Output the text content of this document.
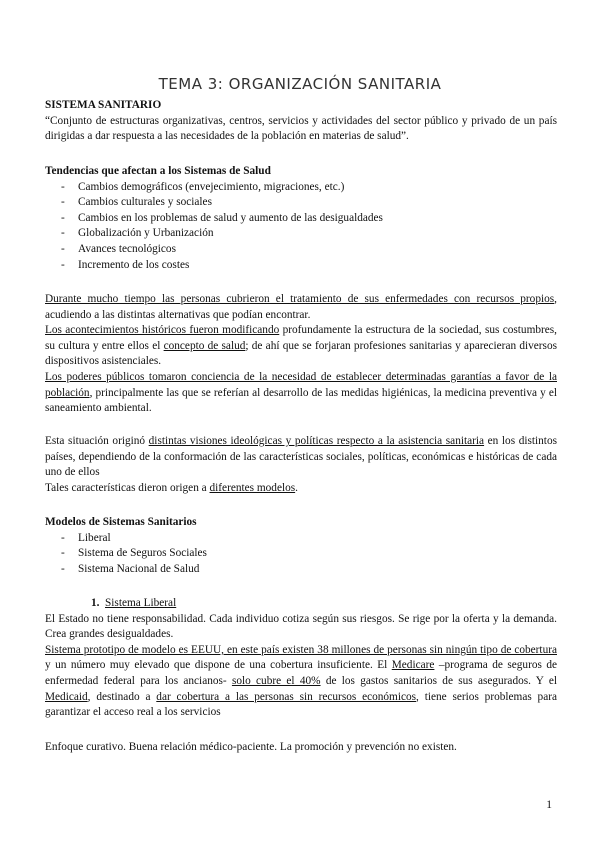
TEMA 3: ORGANIZACIÓN SANITARIA
SISTEMA SANITARIO

“Conjunto de estructuras organizativas, centros, servicios y actividades del sector público y privado de un país dirigidas a dar respuesta a las necesidades de la población en materias de salud”.

Tendencias que afectan a los Sistemas de Salud
- Cambios demográficos (envejecimiento, migraciones, etc.)
- Cambios culturales y sociales
- Cambios en los problemas de salud y aumento de las desigualdades
- Globalización y Urbanización
- Avances tecnológicos
- Incremento de los costes

Durante mucho tiempo las personas cubrieron el tratamiento de sus enfermedades con recursos propios, acudiendo a las distintas alternativas que podían encontrar.

Los acontecimientos históricos fueron modificando profundamente la estructura de la sociedad, sus costumbres, su cultura y entre ellos el concepto de salud; de ahí que se forjaran profesiones sanitarias y aparecieran diversos dispositivos asistenciales.

Los poderes públicos tomaron conciencia de la necesidad de establecer determinadas garantías a favor de la población, principalmente las que se referían al desarrollo de las medidas higiénicas, la medicina preventiva y el saneamiento ambiental.

Esta situación originó distintas visiones ideológicas y políticas respecto a la asistencia sanitaria en los distintos países, dependiendo de la conformación de las características sociales, políticas, económicas e históricas de cada uno de ellos

Tales características dieron origen a diferentes modelos.

Modelos de Sistemas Sanitarios
- Liberal
- Sistema de Seguros Sociales
- Sistema Nacional de Salud
1. Sistema Liberal

El Estado no tiene responsabilidad. Cada individuo cotiza según sus riesgos. Se rige por la oferta y la demanda. Crea grandes desigualdades.

Sistema prototipo de modelo es EEUU, en este país existen 38 millones de personas sin ningún tipo de cobertura y un número muy elevado que dispone de una cobertura insuficiente. El Medicare –programa de seguros de enfermedad federal para los ancianos- solo cubre el 40% de los gastos sanitarios de sus asegurados. Y el Medicaid, destinado a dar cobertura a las personas sin recursos económicos, tiene serios problemas para garantizar el acceso real a los servicios

Enfoque curativo. Buena relación médico-paciente. La promoción y prevención no existen.

1
